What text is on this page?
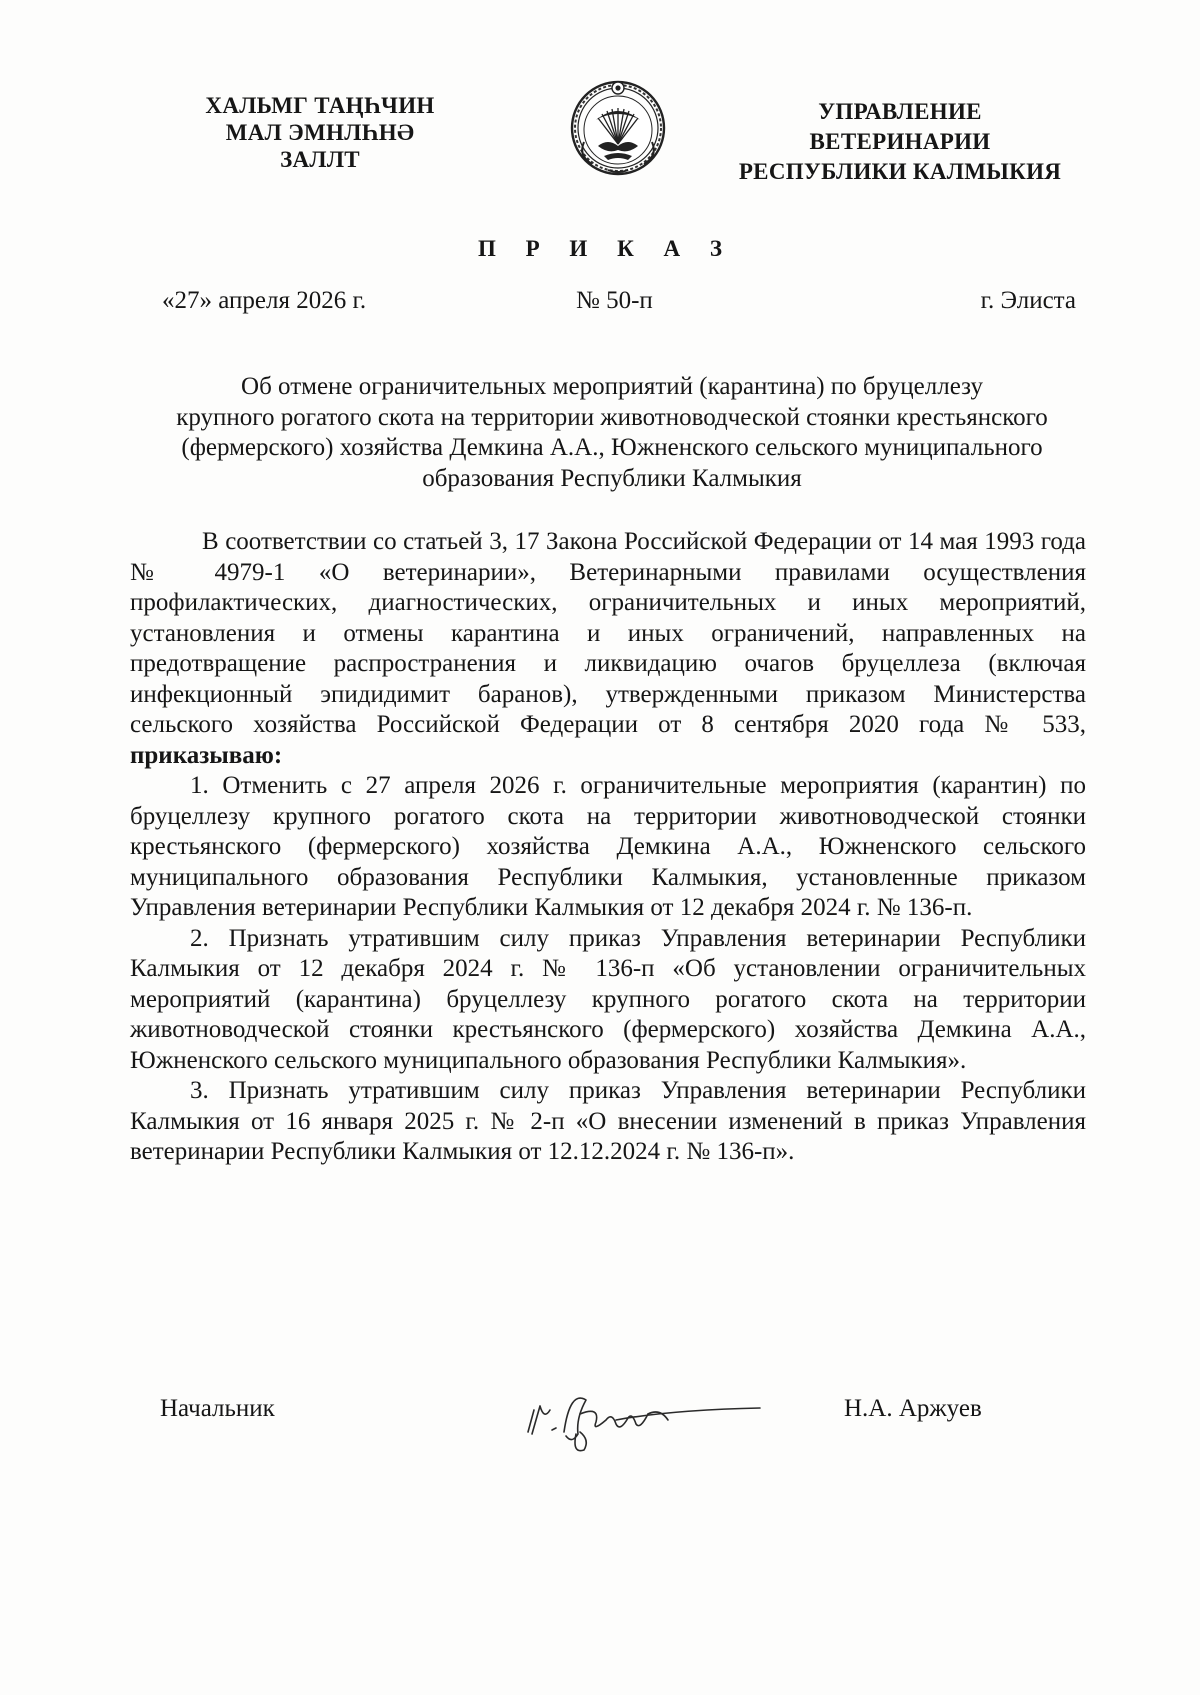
ХАЛЬМГ ТАҢҺЧИН
МАЛ ЭМНЛҺНӘ
ЗАЛЛТ
УПРАВЛЕНИЕ
ВЕТЕРИНАРИИ
РЕСПУБЛИКИ КАЛМЫКИЯ
П Р И К А З
«27» апреля 2026 г.	№ 50-п	г. Элиста
Об отмене ограничительных мероприятий (карантина) по бруцеллезу
крупного рогатого скота на территории животноводческой стоянки крестьянского
(фермерского) хозяйства Демкина А.А., Южненского сельского муниципального
образования Республики Калмыкия

В соответствии со статьей 3, 17 Закона Российской Федерации от 14 мая 1993 года № 4979-1 «О ветеринарии», Ветеринарными правилами осуществления профилактических, диагностических, ограничительных и иных мероприятий, установления и отмены карантина и иных ограничений, направленных на предотвращение распространения и ликвидацию очагов бруцеллеза (включая инфекционный эпидидимит баранов), утвержденными приказом Министерства сельского хозяйства Российской Федерации от 8 сентября 2020 года № 533, приказываю:

1. Отменить с 27 апреля 2026 г. ограничительные мероприятия (карантин) по бруцеллезу крупного рогатого скота на территории животноводческой стоянки крестьянского (фермерского) хозяйства Демкина А.А., Южненского сельского муниципального образования Республики Калмыкия, установленные приказом Управления ветеринарии Республики Калмыкия от 12 декабря 2024 г. № 136-п.

2. Признать утратившим силу приказ Управления ветеринарии Республики Калмыкия от 12 декабря 2024 г. № 136-п «Об установлении ограничительных мероприятий (карантина) бруцеллезу крупного рогатого скота на территории животноводческой стоянки крестьянского (фермерского) хозяйства Демкина А.А., Южненского сельского муниципального образования Республики Калмыкия».

3. Признать утратившим силу приказ Управления ветеринарии Республики Калмыкия от 16 января 2025 г. № 2-п «О внесении изменений в приказ Управления ветеринарии Республики Калмыкия от 12.12.2024 г. № 136-п».

Начальник	Н.А. Аржуев
